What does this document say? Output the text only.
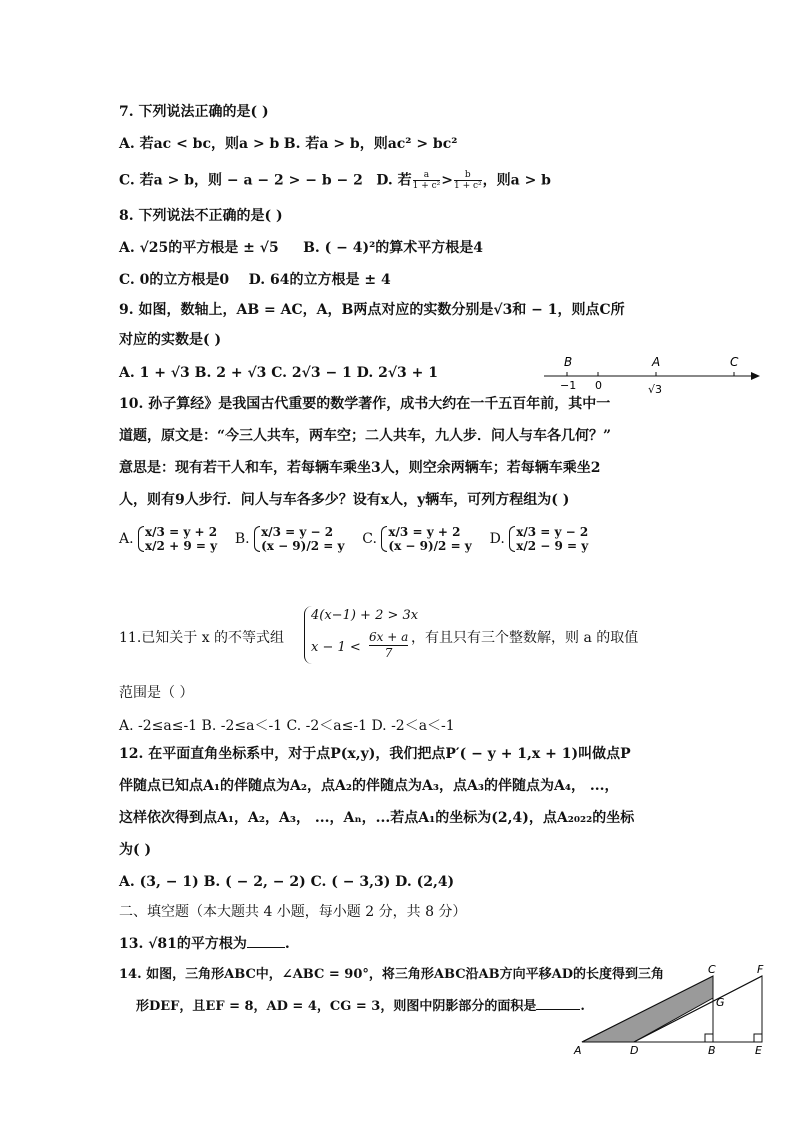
7. 下列说法正确的是( )
A. 若ac < bc，则a > b B. 若a > b，则ac² > bc²
C. 若a > b，则 − a − 2 > − b − 2 D. 若 $\frac{a}{\text{1 + c²}} > \frac{b}{\text{1 + c²}}$ ，则a > b
8. 下列说法不正确的是( )
A. √25的平方根是 ± √5 B. ( − 4)²的算术平方根是4
C. 0的立方根是0 D. 64的立方根是 ± 4
9. 如图，数轴上，AB = AC，A，B两点对应的实数分别是√3和 − 1，则点C所
对应的实数是( )
A. 1 + √3 B. 2 + √3 C. 2√3 − 1 D. 2√3 + 1
B	A	C
−1 0	√3
10. 孙子算经》是我国古代重要的数学著作，成书大约在一千五百年前，其中一
道题，原文是：“今三人共车，两车空；二人共车，九人步．问人与车各几何？”
意思是：现有若干人和车，若每辆车乘坐3人，则空余两辆车；若每辆车乘坐2
人，则有9人步行．问人与车各多少？设有x人，y辆车，可列方程组为( )
A. x/3 = y + 2
x/2 + 9 = y B. x/3 = y − 2
(x − 9)/2 = y C. x/3 = y + 2
(x − 9)/2 = y D. x/3 = y − 2
x/2 − 9 = y
11.已知关于 x 的不等式组
4(x−1) + 2 > 3x
x − 1 <
6x + a
7
，有且只有三个整数解，则 a 的取值
范围是（ ）
A. -2≤a≤-1 B. -2≤a＜-1 C. -2＜a≤-1 D. -2＜a＜-1
12. 在平面直角坐标系中，对于点P(x,y)，我们把点P′( − y + 1,x + 1)叫做点P
伴随点已知点A₁的伴随点为A₂，点A₂的伴随点为A₃，点A₃的伴随点为A₄， ...，
这样依次得到点A₁，A₂，A₃， ...，Aₙ，...若点A₁的坐标为(2,4)，点A₂₀₂₂的坐标
为( )
A. (3, − 1) B. ( − 2, − 2) C. ( − 3,3) D. (2,4)
二、填空题（本大题共 4 小题，每小题 2 分，共 8 分）
13. √81的平方根为	.
14. 如图，三角形ABC中，∠ABC = 90°，将三角形ABC沿AB方向平移AD的长度得到三角
形DEF，且EF = 8，AD = 4，CG = 3，则图中阴影部分的面积是	.
A	D	B	E
C	F
G
